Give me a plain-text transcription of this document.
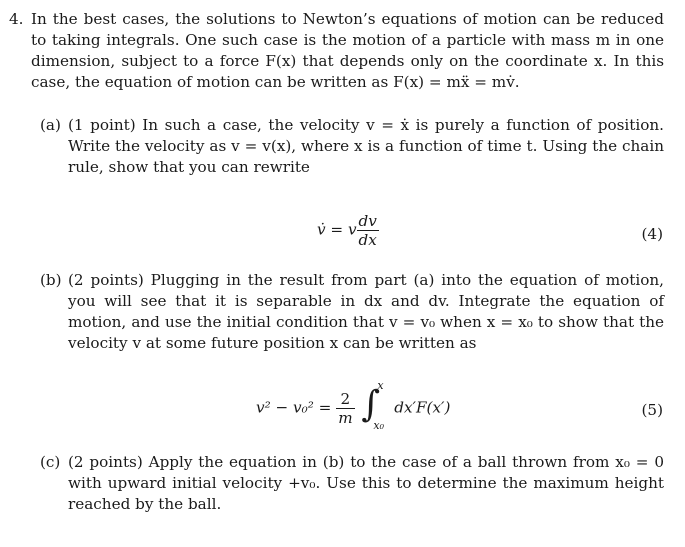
4. In the best cases, the solutions to Newton’s equations of motion can be reduced to taking integrals. One such case is the motion of a particle with mass m in one dimension, subject to a force F(x) that depends only on the coordinate x. In this case, the equation of motion can be written as F(x) = mẍ = mv̇.
(a) (1 point) In such a case, the velocity v = ẋ is purely a function of position. Write the velocity as v = v(x), where x is a function of time t. Using the chain rule, show that you can rewrite
v̇ = v $\frac{dv}{dx}$	(4)
(b) (2 points) Plugging in the result from part (a) into the equation of motion, you will see that it is separable in dx and dv. Integrate the equation of motion, and use the initial condition that v = v₀ when x = x₀ to show that the velocity v at some future position x can be written as
$v^2 - v_0^2 = \frac{2}{m}$
∫
x
x₀
dx′F(x′)	(5)
(c) (2 points) Apply the equation in (b) to the case of a ball thrown from x₀ = 0 with upward initial velocity +v₀. Use this to determine the maximum height reached by the ball.
